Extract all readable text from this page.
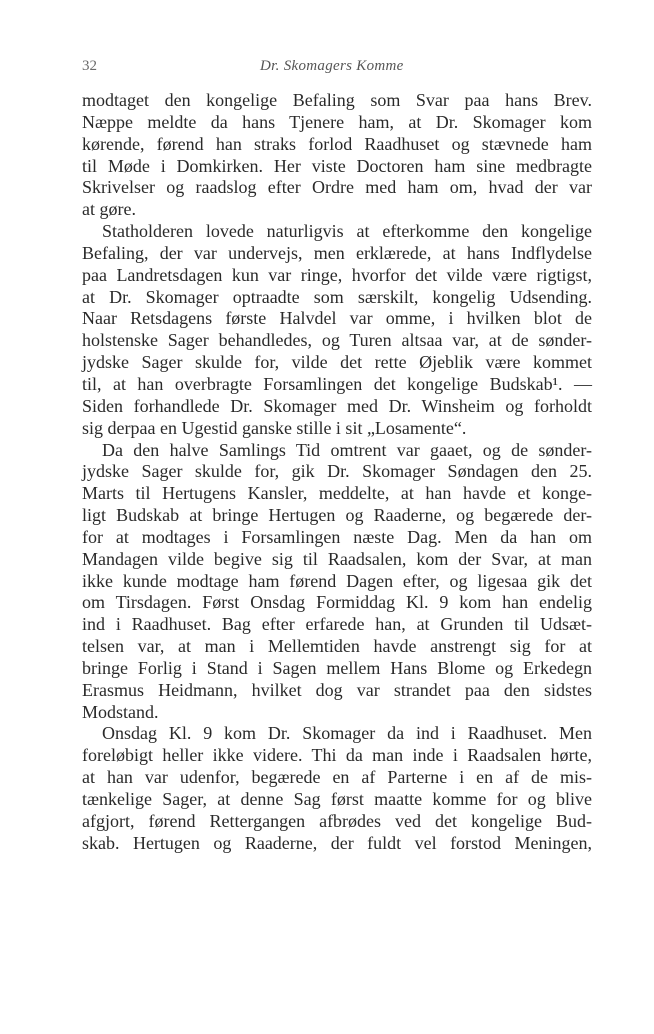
32	Dr. Skomagers Komme
modtaget den kongelige Befaling som Svar paa hans Brev.
Næppe meldte da hans Tjenere ham, at Dr. Skomager kom
kørende, førend han straks forlod Raadhuset og stævnede ham
til Møde i Domkirken. Her viste Doctoren ham sine medbragte
Skrivelser og raadslog efter Ordre med ham om, hvad der var
at gøre.
Statholderen lovede naturligvis at efterkomme den kongelige
Befaling, der var undervejs, men erklærede, at hans Indflydelse
paa Landretsdagen kun var ringe, hvorfor det vilde være rigtigst,
at Dr. Skomager optraadte som særskilt, kongelig Udsending.
Naar Retsdagens første Halvdel var omme, i hvilken blot de
holstenske Sager behandledes, og Turen altsaa var, at de sønder-
jydske Sager skulde for, vilde det rette Øjeblik være kommet
til, at han overbragte Forsamlingen det kongelige Budskab¹. —
Siden forhandlede Dr. Skomager med Dr. Winsheim og forholdt
sig derpaa en Ugestid ganske stille i sit „Losamente“.
Da den halve Samlings Tid omtrent var gaaet, og de sønder-
jydske Sager skulde for, gik Dr. Skomager Søndagen den 25.
Marts til Hertugens Kansler, meddelte, at han havde et konge-
ligt Budskab at bringe Hertugen og Raaderne, og begærede der-
for at modtages i Forsamlingen næste Dag. Men da han om
Mandagen vilde begive sig til Raadsalen, kom der Svar, at man
ikke kunde modtage ham førend Dagen efter, og ligesaa gik det
om Tirsdagen. Først Onsdag Formiddag Kl. 9 kom han endelig
ind i Raadhuset. Bag efter erfarede han, at Grunden til Udsæt-
telsen var, at man i Mellemtiden havde anstrengt sig for at
bringe Forlig i Stand i Sagen mellem Hans Blome og Erkedegn
Erasmus Heidmann, hvilket dog var strandet paa den sidstes
Modstand.
Onsdag Kl. 9 kom Dr. Skomager da ind i Raadhuset. Men
foreløbigt heller ikke videre. Thi da man inde i Raadsalen hørte,
at han var udenfor, begærede en af Parterne i en af de mis-
tænkelige Sager, at denne Sag først maatte komme for og blive
afgjort, førend Rettergangen afbrødes ved det kongelige Bud-
skab. Hertugen og Raaderne, der fuldt vel forstod Meningen,
